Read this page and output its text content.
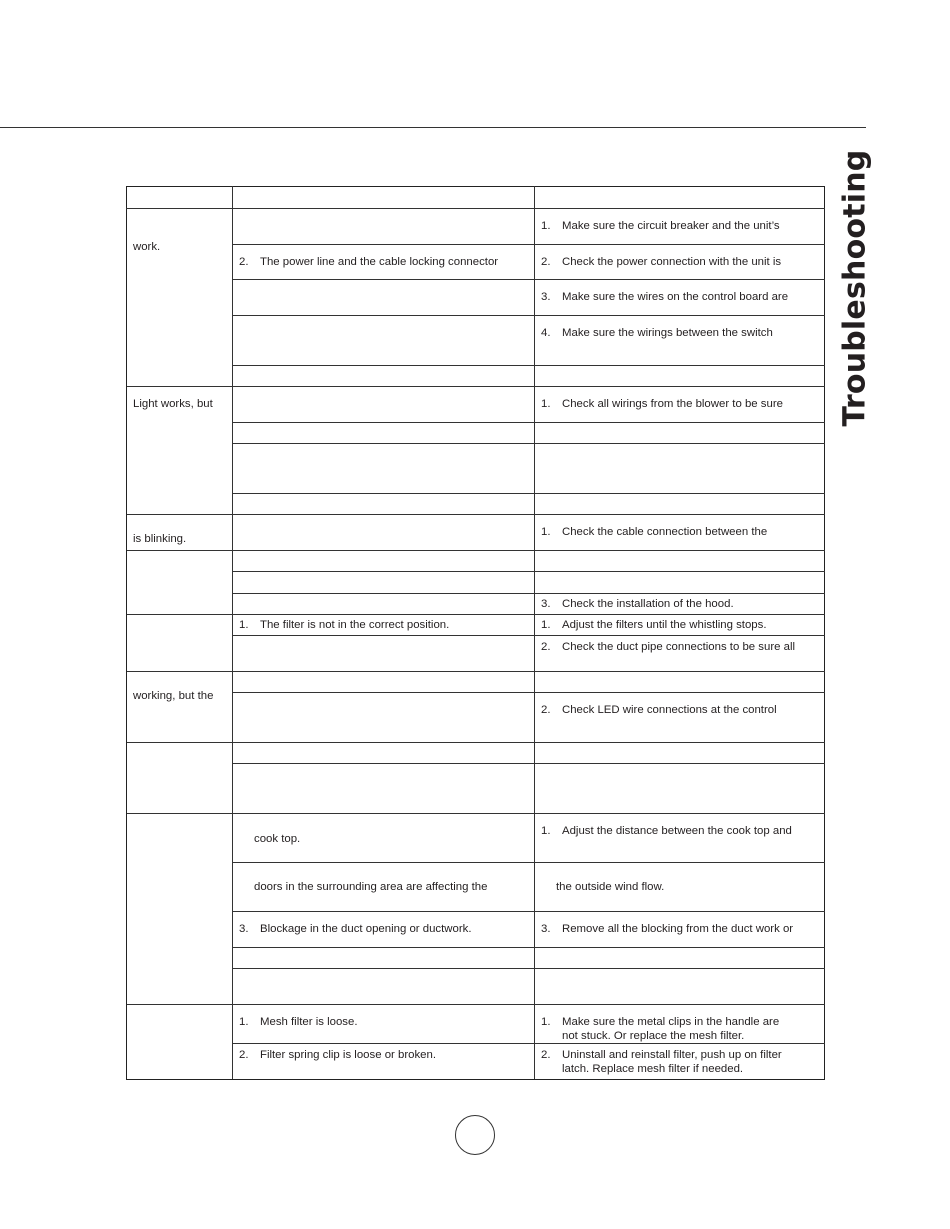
Troubleshooting

work.		1. Make sure the circuit breaker and the unit’s

	2. The power line and the cable locking connector	2. Check the power connection with the unit is

		3. Make sure the wires on the control board are

		4. Make sure the wirings between the switch

Light works, but		1. Check all wirings from the blower to be sure

is blinking.		1. Check the cable connection between the

		3. Check the installation of the hood.

	1. The filter is not in the correct position.	1. Adjust the filters until the whistling stops.

		2. Check the duct pipe connections to be sure all

working, but the		

		2. Check LED wire connections at the control

	cook top.	1. Adjust the distance between the cook top and

	doors in the surrounding area are affecting the	the outside wind flow.

	3. Blockage in the duct opening or ductwork.	3. Remove all the blocking from the duct work or

	1. Mesh filter is loose.	1. Make sure the metal clips in the handle are
not stuck. Or replace the mesh filter.

	2. Filter spring clip is loose or broken.	2. Uninstall and reinstall filter, push up on filter
latch. Replace mesh filter if needed.
